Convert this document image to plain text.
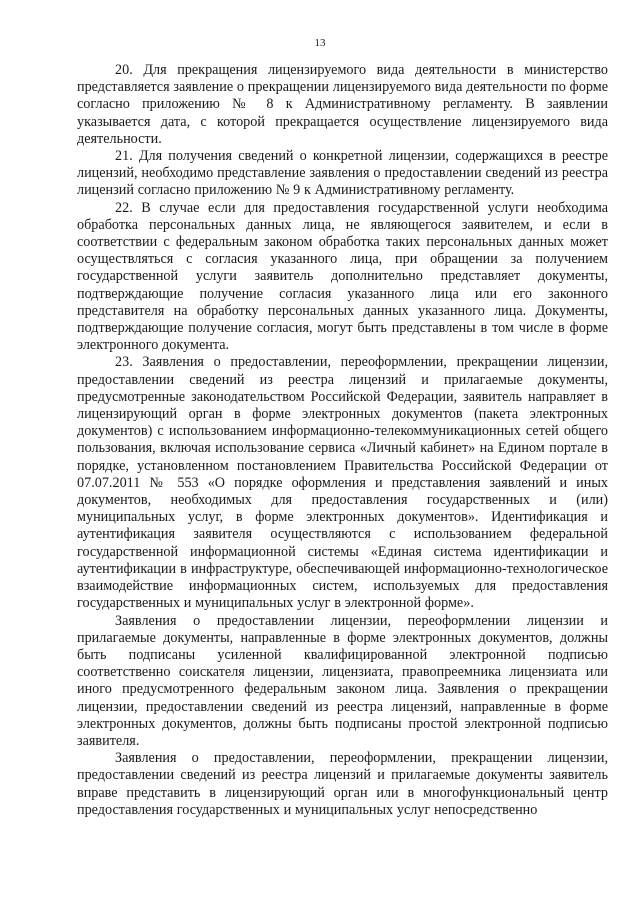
13

20. Для прекращения лицензируемого вида деятельности в министерство представляется заявление о прекращении лицензируемого вида деятельности по форме согласно приложению № 8 к Административному регламенту. В заявлении указывается дата, с которой прекращается осуществление лицензируемого вида деятельности.

21. Для получения сведений о конкретной лицензии, содержащихся в реестре лицензий, необходимо представление заявления о предоставлении сведений из реестра лицензий согласно приложению № 9 к Административному регламенту.

22. В случае если для предоставления государственной услуги необходима обработка персональных данных лица, не являющегося заявителем, и если в соответствии с федеральным законом обработка таких персональных данных может осуществляться с согласия указанного лица, при обращении за получением государственной услуги заявитель дополнительно представляет документы, подтверждающие получение согласия указанного лица или его законного представителя на обработку персональных данных указанного лица. Документы, подтверждающие получение согласия, могут быть представлены в том числе в форме электронного документа.

23. Заявления о предоставлении, переоформлении, прекращении лицензии, предоставлении сведений из реестра лицензий и прилагаемые документы, предусмотренные законодательством Российской Федерации, заявитель направляет в лицензирующий орган в форме электронных документов (пакета электронных документов) с использованием информационно-телекоммуникационных сетей общего пользования, включая использование сервиса «Личный кабинет» на Едином портале в порядке, установленном постановлением Правительства Российской Федерации от 07.07.2011 № 553 «О порядке оформления и представления заявлений и иных документов, необходимых для предоставления государственных и (или) муниципальных услуг, в форме электронных документов». Идентификация и аутентификация заявителя осуществляются с использованием федеральной государственной информационной системы «Единая система идентификации и аутентификации в инфраструктуре, обеспечивающей информационно-технологическое взаимодействие информационных систем, используемых для предоставления государственных и муниципальных услуг в электронной форме».

Заявления о предоставлении лицензии, переоформлении лицензии и прилагаемые документы, направленные в форме электронных документов, должны быть подписаны усиленной квалифицированной электронной подписью соответственно соискателя лицензии, лицензиата, правопреемника лицензиата или иного предусмотренного федеральным законом лица. Заявления о прекращении лицензии, предоставлении сведений из реестра лицензий, направленные в форме электронных документов, должны быть подписаны простой электронной подписью заявителя.

Заявления о предоставлении, переоформлении, прекращении лицензии, предоставлении сведений из реестра лицензий и прилагаемые документы заявитель вправе представить в лицензирующий орган или в многофункциональный центр предоставления государственных и муниципальных услуг непосредственно
